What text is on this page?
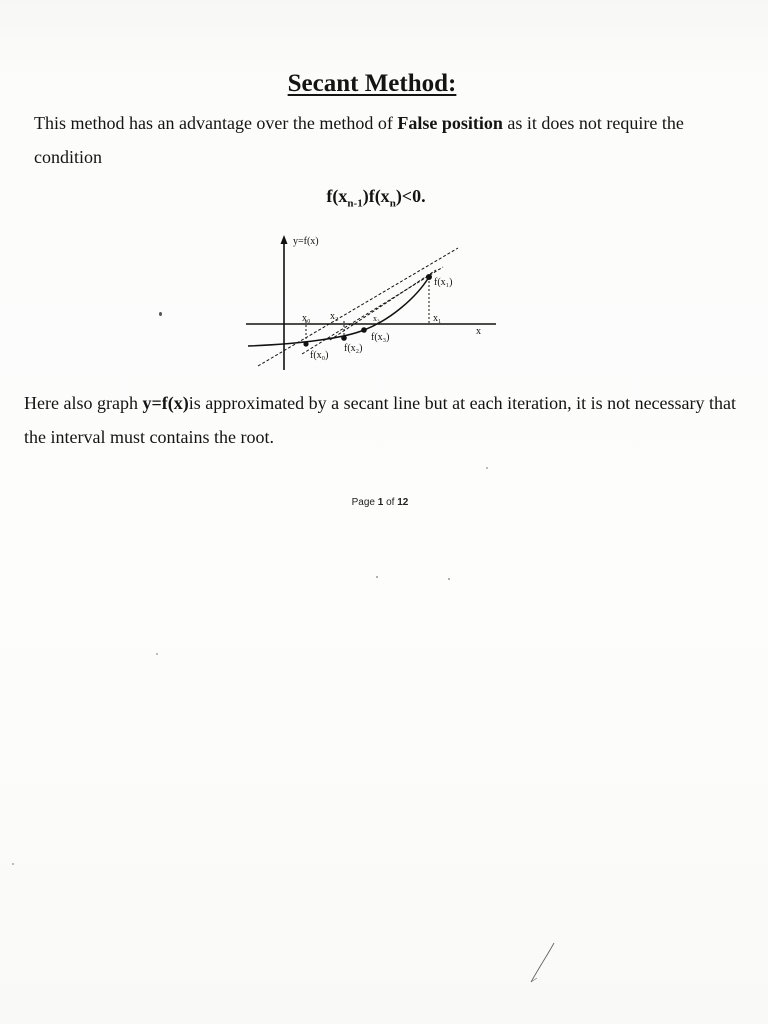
Secant Method:

This method has an advantage over the method of False position as it does not require the condition

$f(x_{n-1})f(x_n)<0$.
y=f(x)
x
x₀ x₂	x₃	x₁
f(x₁)
f(x₃)
f(x₂)
f(x₀)

Here also graph y=f(x)is approximated by a secant line but at each iteration, it is not necessary that the interval must contains the root.

Page 1 of 12
